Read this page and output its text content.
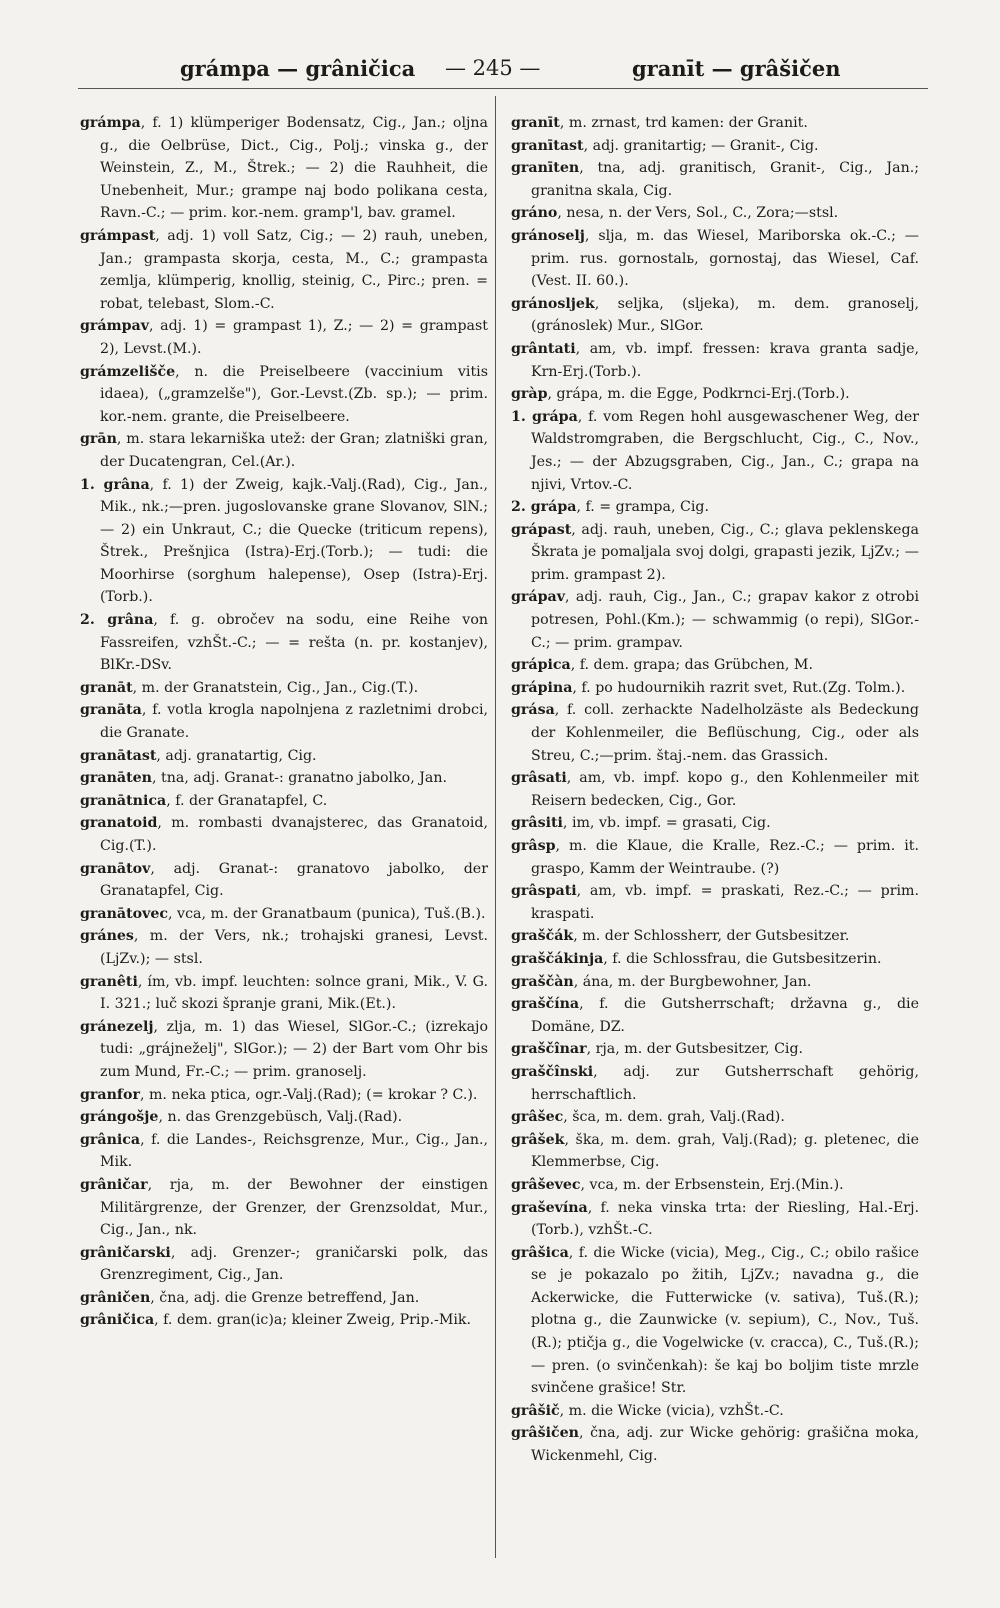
grámpa — grâničica — 245 —	granīt — grâšičen

grámpa, f. 1) klümperiger Bodensatz, Cig., Jan.; oljna g., die Oelbrüse, Dict., Cig., Polj.; vinska g., der Weinstein, Z., M., Štrek.; — 2) die Rauhheit, die Unebenheit, Mur.; grampe naj bodo polikana cesta, Ravn.-C.; — prim. kor.-nem. gramp'l, bav. gramel.

grámpast, adj. 1) voll Satz, Cig.; — 2) rauh, uneben, Jan.; grampasta skorja, cesta, M., C.; grampasta zemlja, klümperig, knollig, steinig, C., Pirc.; pren. = robat, telebast, Slom.-C.

grámpav, adj. 1) = grampast 1), Z.; — 2) = grampast 2), Levst.(M.).

grámzelišče, n. die Preiselbeere (vaccinium vitis idaea), („gramzelše"), Gor.-Levst.(Zb. sp.); — prim. kor.-nem. grante, die Preiselbeere.

grān, m. stara lekarniška utež: der Gran; zlatniški gran, der Ducatengran, Cel.(Ar.).

1. grâna, f. 1) der Zweig, kajk.-Valj.(Rad), Cig., Jan., Mik., nk.;—pren. jugoslovanske grane Slovanov, SlN.; — 2) ein Unkraut, C.; die Quecke (triticum repens), Štrek., Prešnjica (Istra)-Erj.(Torb.); — tudi: die Moorhirse (sorghum halepense), Osep (Istra)-Erj.(Torb.).

2. grâna, f. g. obročev na sodu, eine Reihe von Fassreifen, vzhŠt.-C.; — = rešta (n. pr. kostanjev), BlKr.-DSv.

granāt, m. der Granatstein, Cig., Jan., Cig.(T.).

granāta, f. votla krogla napolnjena z razletnimi drobci, die Granate.

granātast, adj. granatartig, Cig.

granāten, tna, adj. Granat-: granatno jabolko, Jan.

granātnica, f. der Granatapfel, C.

granatoid, m. rombasti dvanajsterec, das Granatoid, Cig.(T.).

granātov, adj. Granat-: granatovo jabolko, der Granatapfel, Cig.

granātovec, vca, m. der Granatbaum (punica), Tuš.(B.).

gránes, m. der Vers, nk.; trohajski granesi, Levst.(LjZv.); — stsl.

granêti, ím, vb. impf. leuchten: solnce grani, Mik., V. G. I. 321.; luč skozi špranje grani, Mik.(Et.).

gránezelj, zlja, m. 1) das Wiesel, SlGor.-C.; (izrekajo tudi: „grájneželj", SlGor.); — 2) der Bart vom Ohr bis zum Mund, Fr.-C.; — prim. granoselj.

granfor, m. neka ptica, ogr.-Valj.(Rad); (= krokar ? C.).

grángošje, n. das Grenzgebüsch, Valj.(Rad).

grânica, f. die Landes-, Reichsgrenze, Mur., Cig., Jan., Mik.

grâničar, rja, m. der Bewohner der einstigen Militärgrenze, der Grenzer, der Grenzsoldat, Mur., Cig., Jan., nk.

grâničarski, adj. Grenzer-; graničarski polk, das Grenzregiment, Cig., Jan.

grâničen, čna, adj. die Grenze betreffend, Jan.

grâničica, f. dem. gran(ic)a; kleiner Zweig, Prip.-Mik.

granīt, m. zrnast, trd kamen: der Granit.

granītast, adj. granitartig; — Granit-, Cig.

granīten, tna, adj. granitisch, Granit-, Cig., Jan.; granitna skala, Cig.

gráno, nesa, n. der Vers, Sol., C., Zora;—stsl.

gránoselj, slja, m. das Wiesel, Mariborska ok.-C.; — prim. rus. gornostalь, gornostaj, das Wiesel, Caf.(Vest. II. 60.).

gránosljek, seljka, (sljeka), m. dem. granoselj, (gránoslek) Mur., SlGor.

grântati, am, vb. impf. fressen: krava granta sadje, Krn-Erj.(Torb.).

gràp, grápa, m. die Egge, Podkrnci-Erj.(Torb.).

1. grápa, f. vom Regen hohl ausgewaschener Weg, der Waldstromgraben, die Bergschlucht, Cig., C., Nov., Jes.; — der Abzugsgraben, Cig., Jan., C.; grapa na njivi, Vrtov.-C.

2. grápa, f. = grampa, Cig.

grápast, adj. rauh, uneben, Cig., C.; glava peklenskega Škrata je pomaljala svoj dolgi, grapasti jezik, LjZv.; — prim. grampast 2).

grápav, adj. rauh, Cig., Jan., C.; grapav kakor z otrobi potresen, Pohl.(Km.); — schwammig (o repi), SlGor.-C.; — prim. grampav.

grápica, f. dem. grapa; das Grübchen, M.

grápina, f. po hudournikih razrit svet, Rut.(Zg. Tolm.).

grása, f. coll. zerhackte Nadelholzäste als Bedeckung der Kohlenmeiler, die Beflüschung, Cig., oder als Streu, C.;—prim. štaj.-nem. das Grassich.

grâsati, am, vb. impf. kopo g., den Kohlenmeiler mit Reisern bedecken, Cig., Gor.

grâsiti, im, vb. impf. = grasati, Cig.

grâsp, m. die Klaue, die Kralle, Rez.-C.; — prim. it. graspo, Kamm der Weintraube. (?)

grâspati, am, vb. impf. = praskati, Rez.-C.; — prim. kraspati.

graščák, m. der Schlossherr, der Gutsbesitzer.

graščákinja, f. die Schlossfrau, die Gutsbesitzerin.

graščàn, ána, m. der Burgbewohner, Jan.

graščína, f. die Gutsherrschaft; državna g., die Domäne, DZ.

graščînar, rja, m. der Gutsbesitzer, Cig.

graščînski, adj. zur Gutsherrschaft gehörig, herrschaftlich.

grâšec, šca, m. dem. grah, Valj.(Rad).

grâšek, ška, m. dem. grah, Valj.(Rad); g. pletenec, die Klemmerbse, Cig.

grâševec, vca, m. der Erbsenstein, Erj.(Min.).

graševína, f. neka vinska trta: der Riesling, Hal.-Erj.(Torb.), vzhŠt.-C.

grâšica, f. die Wicke (vicia), Meg., Cig., C.; obilo rašice se je pokazalo po žitih, LjZv.; navadna g., die Ackerwicke, die Futterwicke (v. sativa), Tuš.(R.); plotna g., die Zaunwicke (v. sepium), C., Nov., Tuš.(R.); ptičja g., die Vogelwicke (v. cracca), C., Tuš.(R.); — pren. (o svinčenkah): še kaj bo boljim tiste mrzle svinčene grašice! Str.

grâšič, m. die Wicke (vicia), vzhŠt.-C.

grâšičen, čna, adj. zur Wicke gehörig: grašična moka, Wickenmehl, Cig.
